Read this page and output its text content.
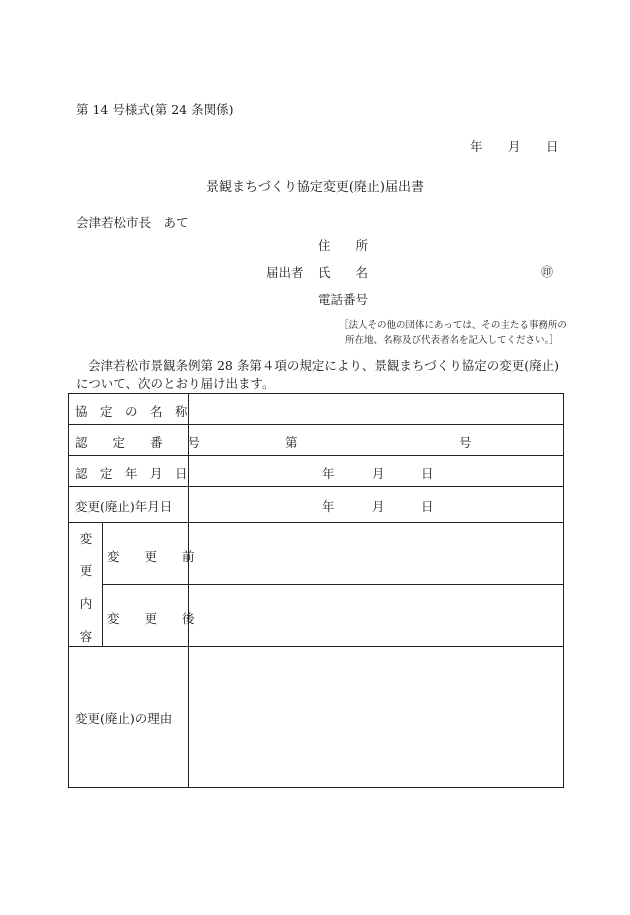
第 14 号様式(第 24 条関係)
年 月 日
景観まちづくり協定変更(廃止)届出書
会津若松市長　あて
住　　所
届出者 氏　　名	㊞
電話番号
［法人その他の団体にあっては、その主たる事務所の
所在地、名称及び代表者名を記入してください。］

会津若松市景観条例第 28 条第４項の規定により、景観まちづくり協定の変更(廃止)

について、次のとおり届け出ます。

協　定　の　名　称
認　　定　　番　　号	第	号
認　定　年　月　日	年	月	日
変更(廃止)年月日	年	月	日
変
更
内
容
変　　更　　前
変　　更　　後
変更(廃止)の理由
